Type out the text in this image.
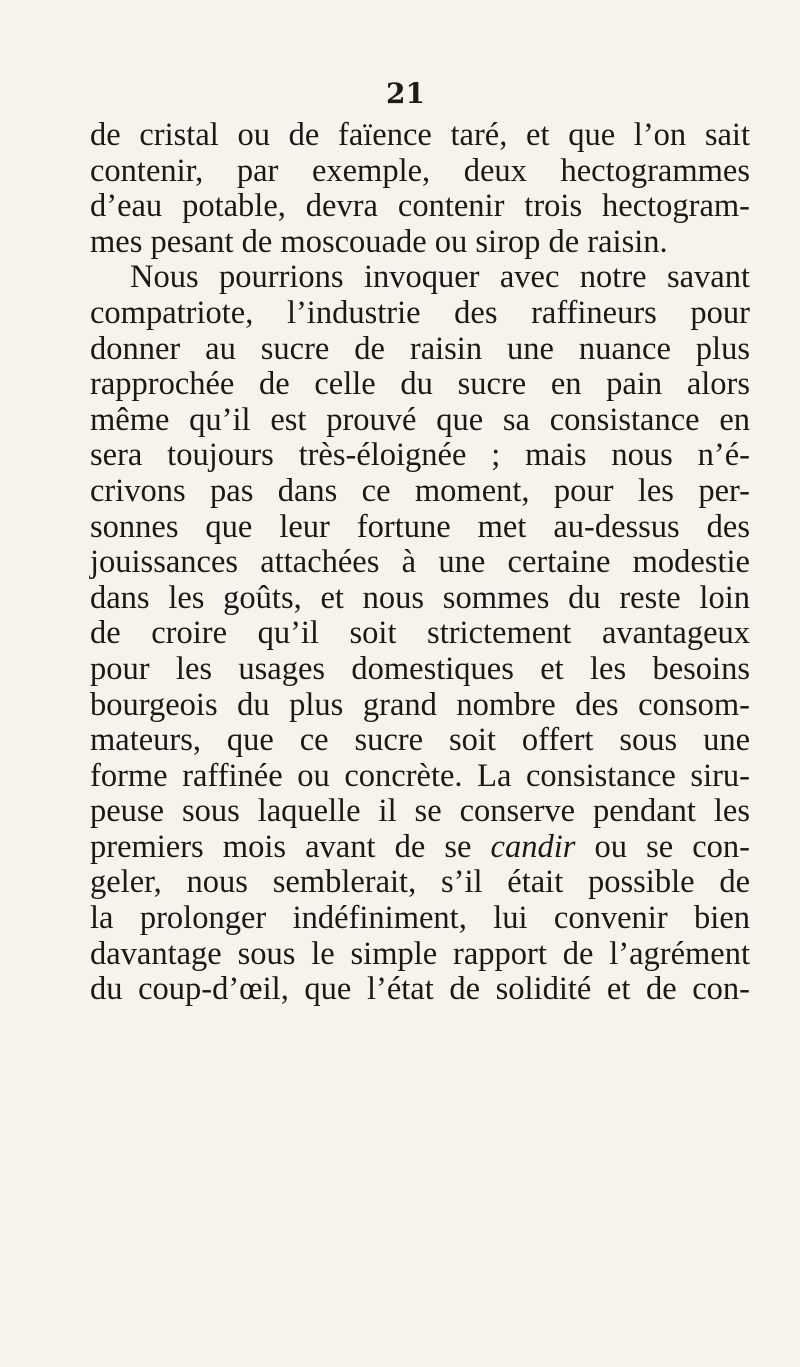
21
de cristal ou de faïence taré, et que l’on sait
contenir, par exemple, deux hectogrammes
d’eau potable, devra contenir trois hectogram-
mes pesant de moscouade ou sirop de raisin.
Nous pourrions invoquer avec notre savant
compatriote, l’industrie des raffineurs pour
donner au sucre de raisin une nuance plus
rapprochée de celle du sucre en pain alors
même qu’il est prouvé que sa consistance en
sera toujours très-éloignée ; mais nous n’é-
crivons pas dans ce moment, pour les per-
sonnes que leur fortune met au-dessus des
jouissances attachées à une certaine modestie
dans les goûts, et nous sommes du reste loin
de croire qu’il soit strictement avantageux
pour les usages domestiques et les besoins
bourgeois du plus grand nombre des consom-
mateurs, que ce sucre soit offert sous une
forme raffinée ou concrète. La consistance siru-
peuse sous laquelle il se conserve pendant les
premiers mois avant de se candir ou se con-
geler, nous semblerait, s’il était possible de
la prolonger indéfiniment, lui convenir bien
davantage sous le simple rapport de l’agrément
du coup-d’œil, que l’état de solidité et de con-
